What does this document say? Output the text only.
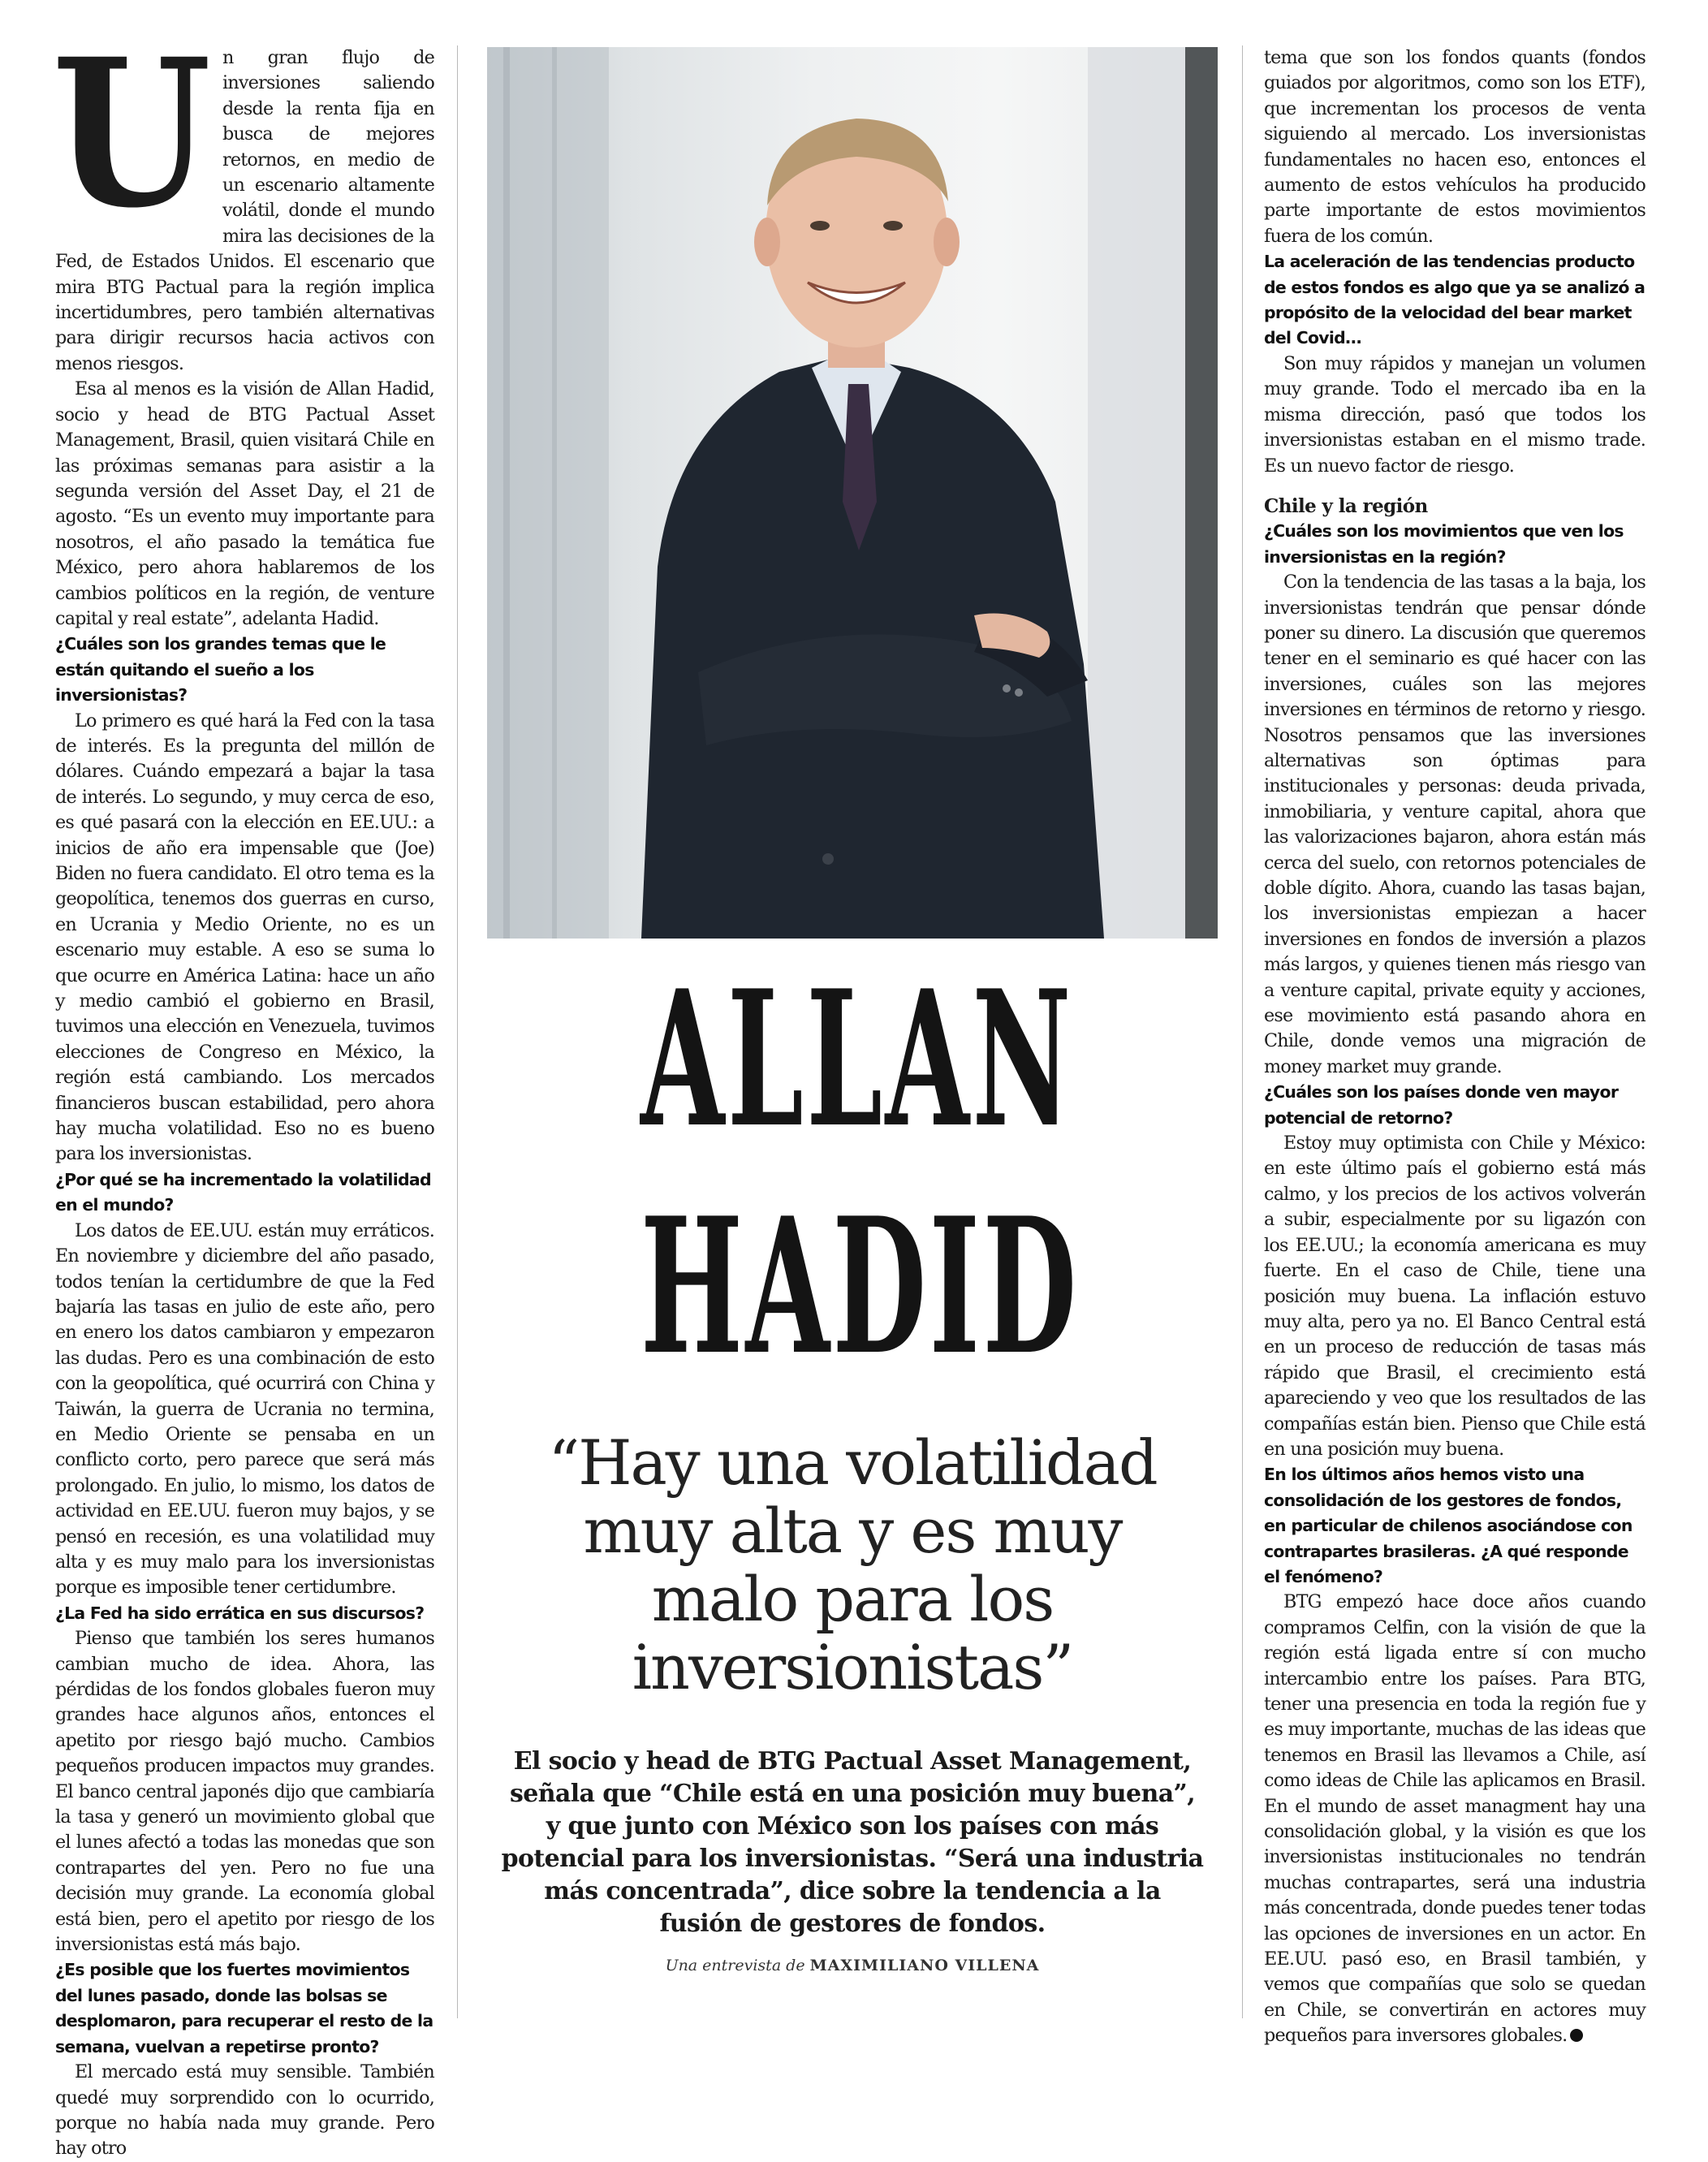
U n gran flujo de inversiones saliendo desde la renta fija en busca de mejores retornos, en medio de un escenario altamente volátil, donde el mundo mira las decisiones de la Fed, de Estados Unidos. El escenario que mira BTG Pactual para la región implica incertidumbres, pero también alternativas para dirigir recursos hacia activos con menos riesgos.

Esa al menos es la visión de Allan Hadid, socio y head de BTG Pactual Asset Management, Brasil, quien visitará Chile en las próximas semanas para asistir a la segunda versión del Asset Day, el 21 de agosto. “Es un evento muy importante para nosotros, el año pasado la temática fue México, pero ahora hablaremos de los cambios políticos en la región, de venture capital y real estate”, adelanta Hadid.

¿Cuáles son los grandes temas que le están quitando el sueño a los inversionistas?

Lo primero es qué hará la Fed con la tasa de interés. Es la pregunta del millón de dólares. Cuándo empezará a bajar la tasa de interés. Lo segundo, y muy cerca de eso, es qué pasará con la elección en EE.UU.: a inicios de año era impensable que (Joe) Biden no fuera candidato. El otro tema es la geopolítica, tenemos dos guerras en curso, en Ucrania y Medio Oriente, no es un escenario muy estable. A eso se suma lo que ocurre en América Latina: hace un año y medio cambió el gobierno en Brasil, tuvimos una elección en Venezuela, tuvimos elecciones de Congreso en México, la región está cambiando. Los mercados financieros buscan estabilidad, pero ahora hay mucha volatilidad. Eso no es bueno para los inversionistas.

¿Por qué se ha incrementado la volatilidad en el mundo?

Los datos de EE.UU. están muy erráticos. En noviembre y diciembre del año pasado, todos tenían la certidumbre de que la Fed bajaría las tasas en julio de este año, pero en enero los datos cambiaron y empezaron las dudas. Pero es una combinación de esto con la geopolítica, qué ocurrirá con China y Taiwán, la guerra de Ucrania no termina, en Medio Oriente se pensaba en un conflicto corto, pero parece que será más prolongado. En julio, lo mismo, los datos de actividad en EE.UU. fueron muy bajos, y se pensó en recesión, es una volatilidad muy alta y es muy malo para los inversionistas porque es imposible tener certidumbre.

¿La Fed ha sido errática en sus discursos?

Pienso que también los seres humanos cambian mucho de idea. Ahora, las pérdidas de los fondos globales fueron muy grandes hace algunos años, entonces el apetito por riesgo bajó mucho. Cambios pequeños producen impactos muy grandes. El banco central japonés dijo que cambiaría la tasa y generó un movimiento global que el lunes afectó a todas las monedas que son contrapartes del yen. Pero no fue una decisión muy grande. La economía global está bien, pero el apetito por riesgo de los inversionistas está más bajo.

¿Es posible que los fuertes movimientos del lunes pasado, donde las bolsas se desplomaron, para recuperar el resto de la semana, vuelvan a repetirse pronto?

El mercado está muy sensible. También quedé muy sorprendido con lo ocurrido, porque no había nada muy grande. Pero hay otro

ALLAN
HADID
“Hay una volatilidad muy alta y es muy malo para los inversionistas”
El socio y head de BTG Pactual Asset Management, señala que “Chile está en una posición muy buena”, y que junto con México son los países con más potencial para los inversionistas. “Será una industria más concentrada”, dice sobre la tendencia a la fusión de gestores de fondos.
Una entrevista de MAXIMILIANO VILLENA

tema que son los fondos quants (fondos guiados por algoritmos, como son los ETF), que incrementan los procesos de venta siguiendo al mercado. Los inversionistas fundamentales no hacen eso, entonces el aumento de estos vehículos ha producido parte importante de estos movimientos fuera de los común.

La aceleración de las tendencias producto de estos fondos es algo que ya se analizó a propósito de la velocidad del bear market del Covid…

Son muy rápidos y manejan un volumen muy grande. Todo el mercado iba en la misma dirección, pasó que todos los inversionistas estaban en el mismo trade. Es un nuevo factor de riesgo.

Chile y la región
¿Cuáles son los movimientos que ven los inversionistas en la región?

Con la tendencia de las tasas a la baja, los inversionistas tendrán que pensar dónde poner su dinero. La discusión que queremos tener en el seminario es qué hacer con las inversiones, cuáles son las mejores inversiones en términos de retorno y riesgo. Nosotros pensamos que las inversiones alternativas son óptimas para institucionales y personas: deuda privada, inmobiliaria, y venture capital, ahora que las valorizaciones bajaron, ahora están más cerca del suelo, con retornos potenciales de doble dígito. Ahora, cuando las tasas bajan, los inversionistas empiezan a hacer inversiones en fondos de inversión a plazos más largos, y quienes tienen más riesgo van a venture capital, private equity y acciones, ese movimiento está pasando ahora en Chile, donde vemos una migración de money market muy grande.

¿Cuáles son los países donde ven mayor potencial de retorno?

Estoy muy optimista con Chile y México: en este último país el gobierno está más calmo, y los precios de los activos volverán a subir, especialmente por su ligazón con los EE.UU.; la economía americana es muy fuerte. En el caso de Chile, tiene una posición muy buena. La inflación estuvo muy alta, pero ya no. El Banco Central está en un proceso de reducción de tasas más rápido que Brasil, el crecimiento está apareciendo y veo que los resultados de las compañías están bien. Pienso que Chile está en una posición muy buena.

En los últimos años hemos visto una consolidación de los gestores de fondos, en particular de chilenos asociándose con contrapartes brasileras. ¿A qué responde el fenómeno?

BTG empezó hace doce años cuando compramos Celfin, con la visión de que la región está ligada entre sí con mucho intercambio entre los países. Para BTG, tener una presencia en toda la región fue y es muy importante, muchas de las ideas que tenemos en Brasil las llevamos a Chile, así como ideas de Chile las aplicamos en Brasil. En el mundo de asset managment hay una consolidación global, y la visión es que los inversionistas institucionales no tendrán muchas contrapartes, será una industria más concentrada, donde puedes tener todas las opciones de inversiones en un actor. En EE.UU. pasó eso, en Brasil también, y vemos que compañías que solo se quedan en Chile, se convertirán en actores muy pequeños para inversores globales.
